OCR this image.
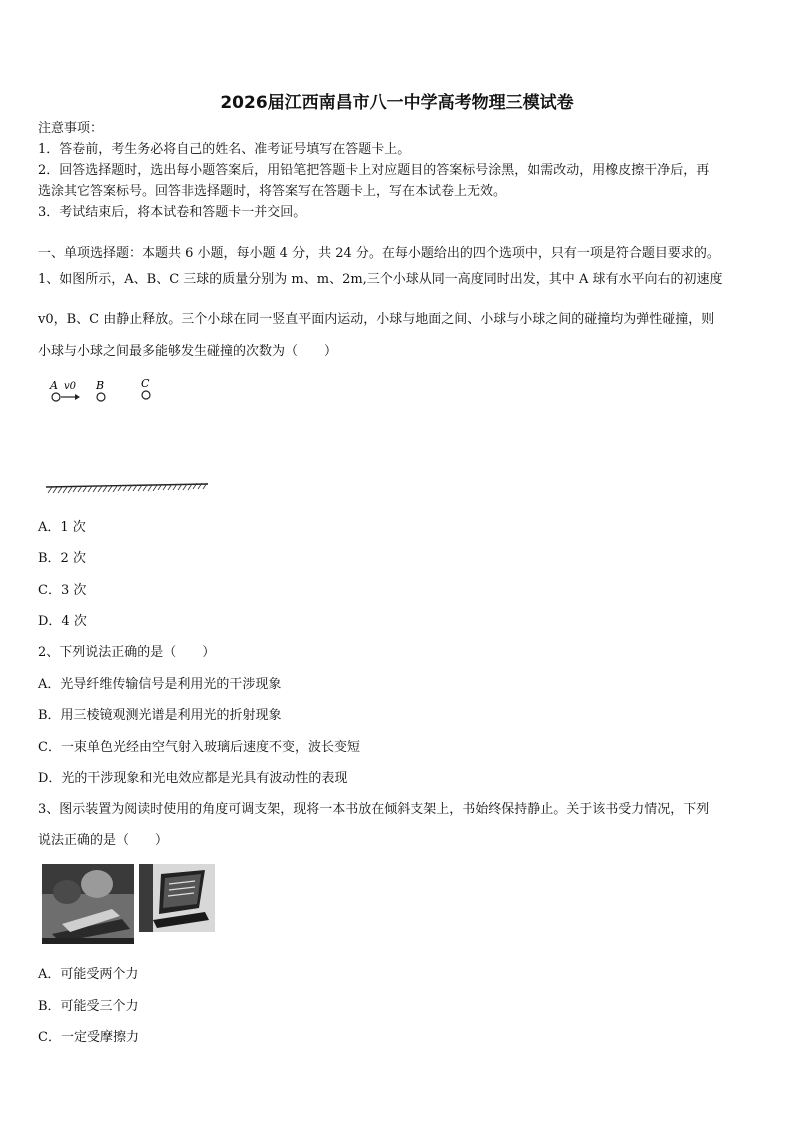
2026届江西南昌市八一中学高考物理三模试卷
注意事项：
1．答卷前，考生务必将自己的姓名、准考证号填写在答题卡上。
2．回答选择题时，选出每小题答案后，用铅笔把答题卡上对应题目的答案标号涂黑，如需改动，用橡皮擦干净后，再
选涂其它答案标号。回答非选择题时，将答案写在答题卡上，写在本试卷上无效。
3．考试结束后，将本试卷和答题卡一并交回。
一、单项选择题：本题共 6 小题，每小题 4 分，共 24 分。在每小题给出的四个选项中，只有一项是符合题目要求的。
1、如图所示，A、B、C 三球的质量分别为 m、m、2m,三个小球从同一高度同时出发，其中 A 球有水平向右的初速度
v0，B、C 由静止释放。三个小球在同一竖直平面内运动，小球与地面之间、小球与小球之间的碰撞均为弹性碰撞，则
小球与小球之间最多能够发生碰撞的次数为（　　）
A v0 B	C
A．1 次
B．2 次
C．3 次
D．4 次
2、下列说法正确的是（　　）
A．光导纤维传输信号是利用光的干涉现象
B．用三棱镜观测光谱是利用光的折射现象
C．一束单色光经由空气射入玻璃后速度不变，波长变短
D．光的干涉现象和光电效应都是光具有波动性的表现
3、图示装置为阅读时使用的角度可调支架，现将一本书放在倾斜支架上，书始终保持静止。关于该书受力情况，下列
说法正确的是（　　）
A．可能受两个力
B．可能受三个力
C．一定受摩擦力
